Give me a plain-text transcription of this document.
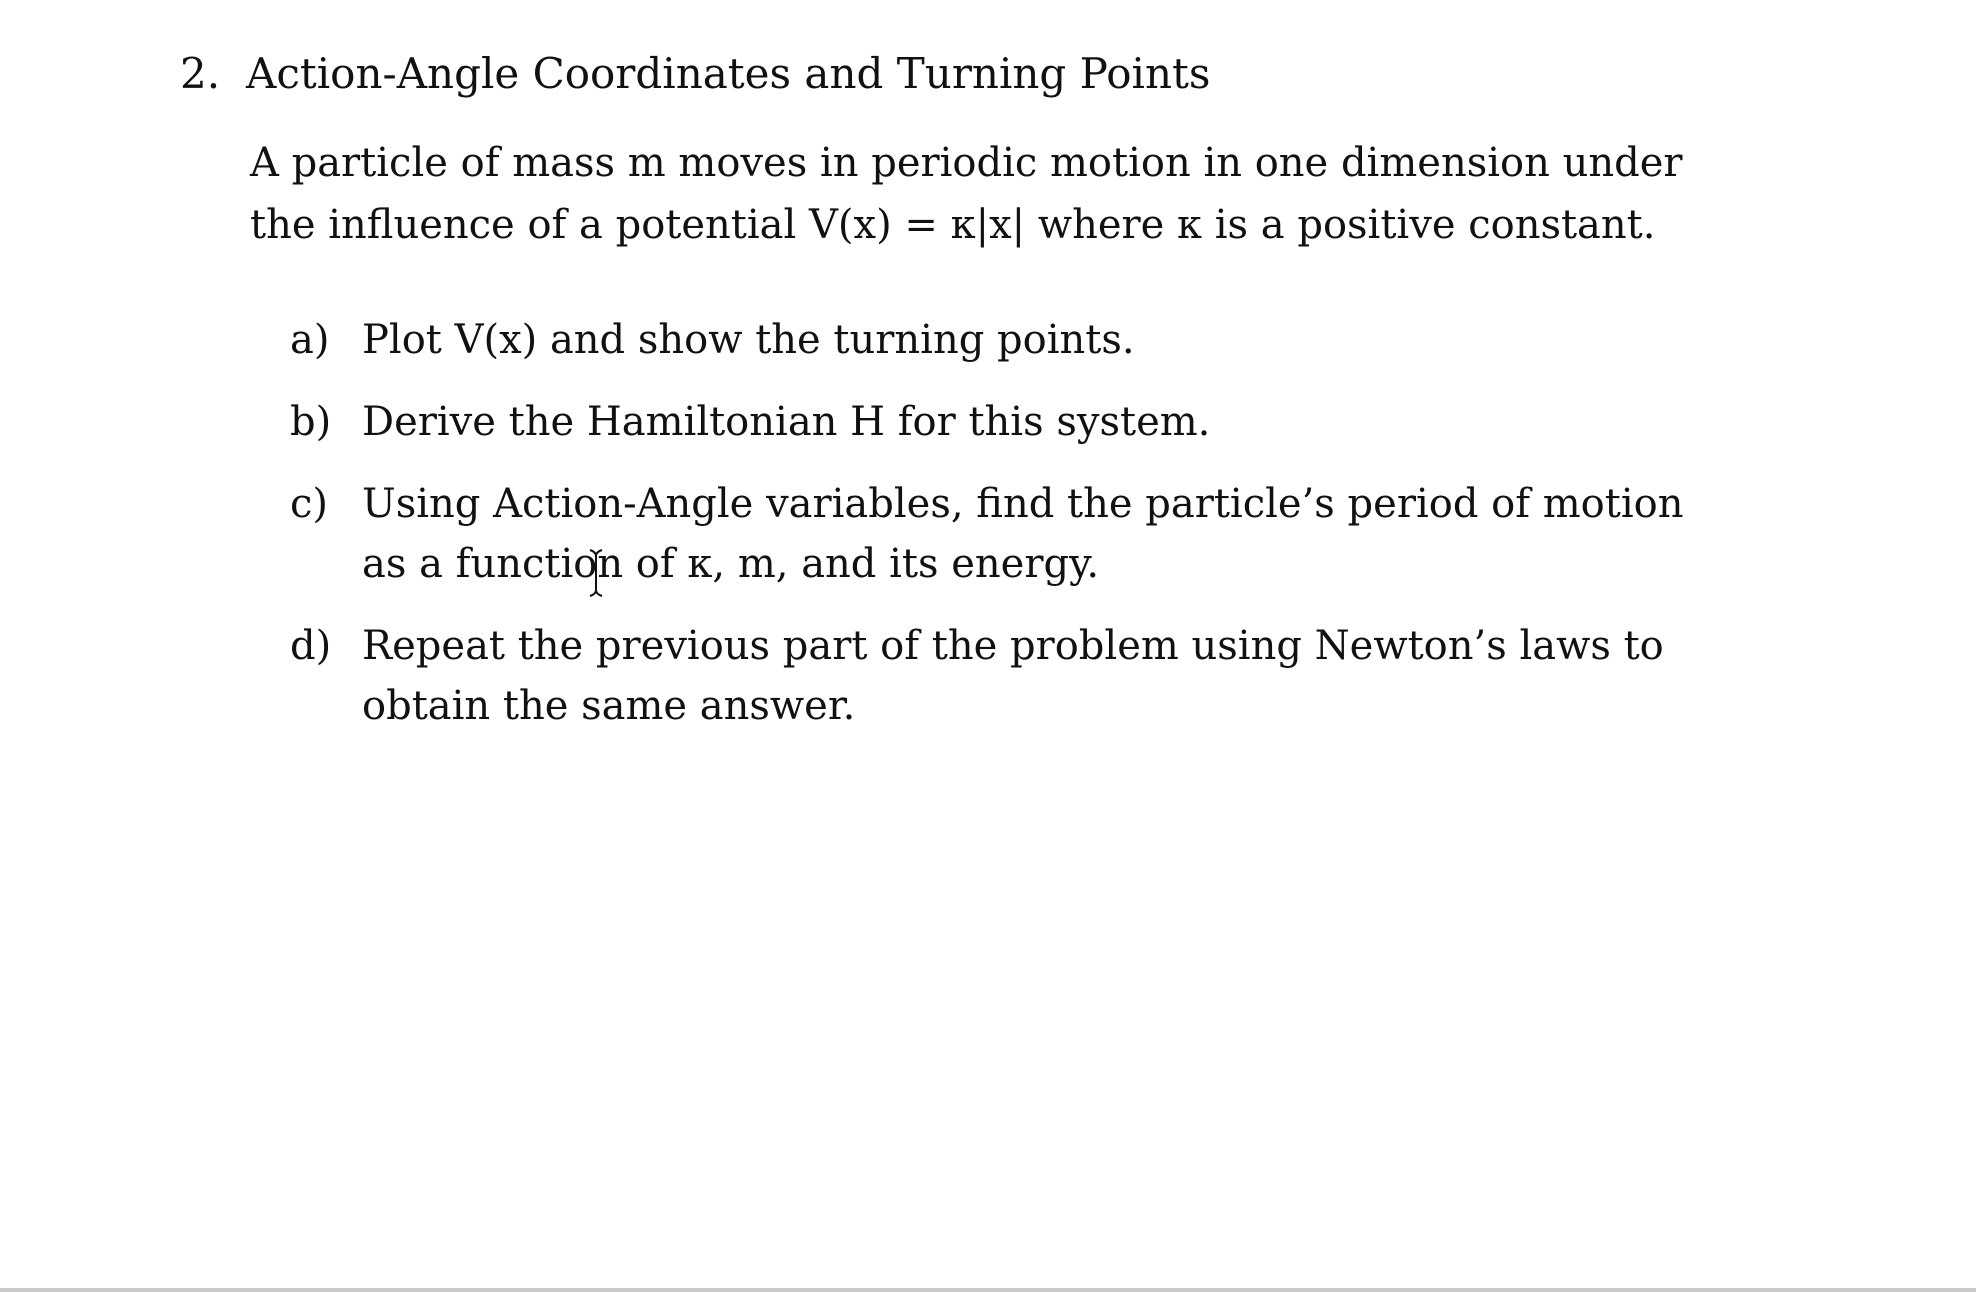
2. Action-Angle Coordinates and Turning Points
A particle of mass m moves in periodic motion in one dimension under
the influence of a potential V(x) = κ|x| where κ is a positive constant.
a) Plot V(x) and show the turning points.
b) Derive the Hamiltonian H for this system.
c) Using Action-Angle variables, find the particle’s period of motion
as a function of κ, m, and its energy.
d) Repeat the previous part of the problem using Newton’s laws to
obtain the same answer.
